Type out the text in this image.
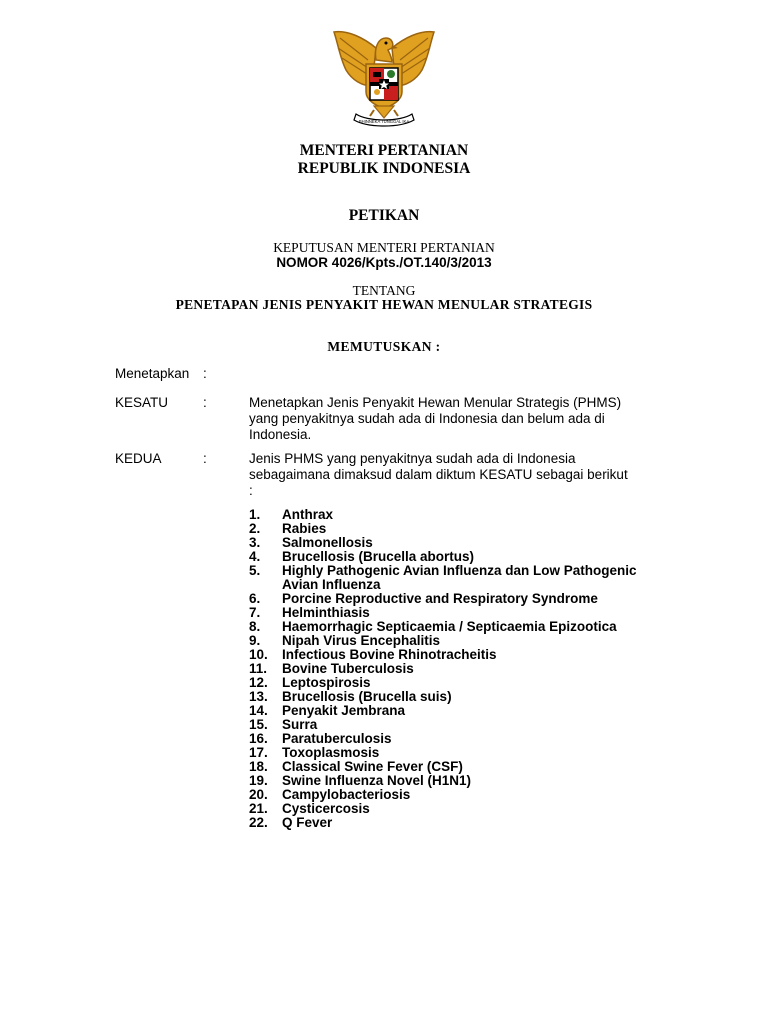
BHINNEKA TUNGGAL IKA
MENTERI PERTANIAN
REPUBLIK INDONESIA
PETIKAN
KEPUTUSAN MENTERI PERTANIAN
NOMOR 4026/Kpts./OT.140/3/2013
TENTANG
PENETAPAN JENIS PENYAKIT HEWAN MENULAR STRATEGIS
MEMUTUSKAN :
Menetapkan	:
KESATU	:	Menetapkan Jenis Penyakit Hewan Menular Strategis (PHMS) yang penyakitnya sudah ada di Indonesia dan belum ada di Indonesia.
KEDUA	:	Jenis PHMS yang penyakitnya sudah ada di Indonesia sebagaimana dimaksud dalam diktum KESATU sebagai berikut :
1. Anthrax
2. Rabies
3. Salmonellosis
4. Brucellosis (Brucella abortus)
5. Highly Pathogenic Avian Influenza dan Low Pathogenic Avian Influenza
6. Porcine Reproductive and Respiratory Syndrome
7. Helminthiasis
8. Haemorrhagic Septicaemia / Septicaemia Epizootica
9. Nipah Virus Encephalitis
10. Infectious Bovine Rhinotracheitis
11. Bovine Tuberculosis
12. Leptospirosis
13. Brucellosis (Brucella suis)
14. Penyakit Jembrana
15. Surra
16. Paratuberculosis
17. Toxoplasmosis
18. Classical Swine Fever (CSF)
19. Swine Influenza Novel (H1N1)
20. Campylobacteriosis
21. Cysticercosis
22. Q Fever
